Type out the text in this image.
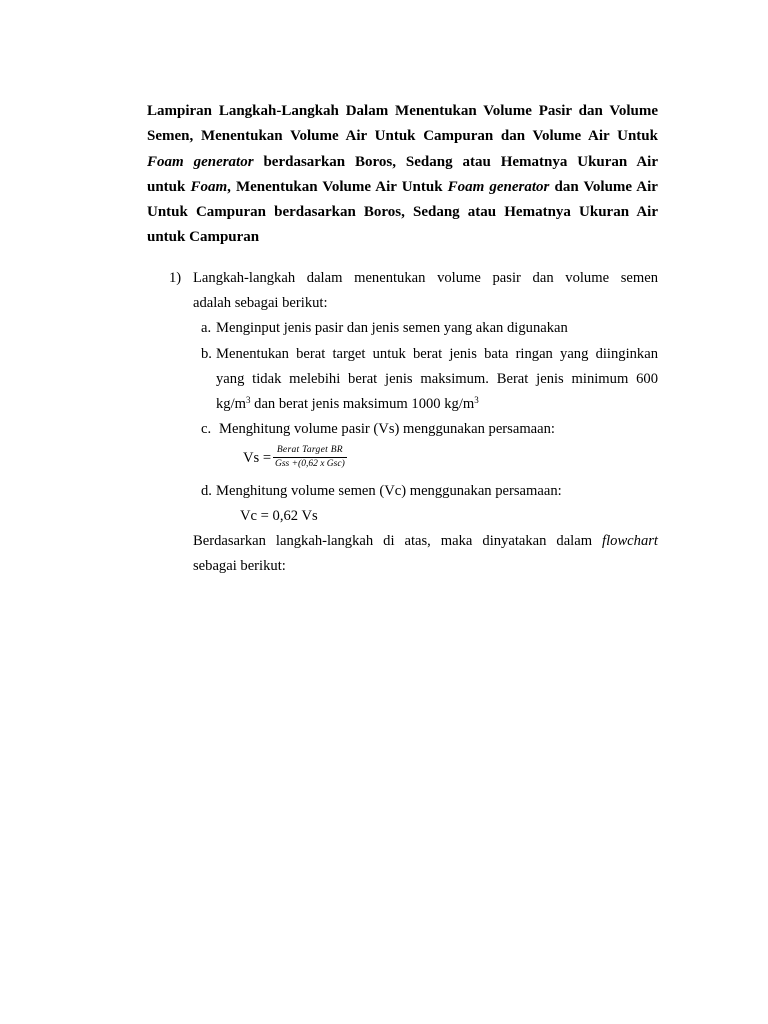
Lampiran Langkah-Langkah Dalam Menentukan Volume Pasir dan Volume
Semen, Menentukan Volume Air Untuk Campuran dan Volume Air Untuk
Foam generator berdasarkan Boros, Sedang atau Hematnya Ukuran Air
untuk Foam, Menentukan Volume Air Untuk Foam generator dan Volume Air
Untuk Campuran berdasarkan Boros, Sedang atau Hematnya Ukuran Air
untuk Campuran
1) Langkah-langkah dalam menentukan volume pasir dan volume semen
adalah sebagai berikut:
a. Menginput jenis pasir dan jenis semen yang akan digunakan
b. Menentukan berat target untuk berat jenis bata ringan yang diinginkan
yang tidak melebihi berat jenis maksimum. Berat jenis minimum 600
$kg/m^3$ dan berat jenis maksimum 1000 $kg/m^3$
c. Menghitung volume pasir (Vs) menggunakan persamaan:
Vs = Berat Target BR
Gss +(0,62 x Gsc)
d. Menghitung volume semen (Vc) menggunakan persamaan:
Vc = 0,62 Vs
Berdasarkan langkah-langkah di atas, maka dinyatakan dalam flowchart
sebagai berikut:
